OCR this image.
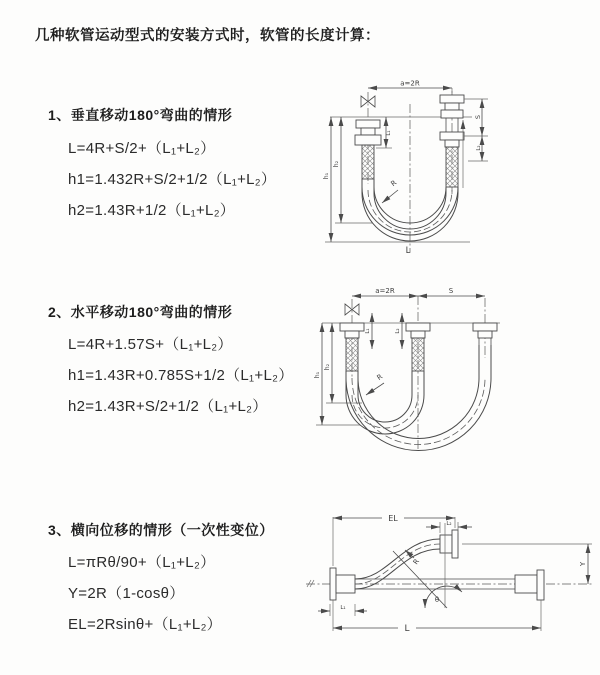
几种软管运动型式的安装方式时，软管的长度计算：
1、垂直移动180°弯曲的情形
L=4R+S/2+（L₁+L₂）
h1=1.432R+S/2+1/2（L₁+L₂）
h2=1.43R+1/2（L₁+L₂）
a=2R
L₁
S
L₂
h₁
h₂
R
L
2、水平移动180°弯曲的情形
L=4R+1.57S+（L₁+L₂）
h1=1.43R+0.785S+1/2（L₁+L₂）
h2=1.43R+S/2+1/2（L₁+L₂）
a=2R	S
L₁	L₂
h₁
h₂
R
3、横向位移的情形（一次性变位）
L=πRθ/90+（L₁+L₂）
Y=2R（1-cosθ）
EL=2Rsinθ+（L₁+L₂）
EL
L₂
Y
θ
R
L
L₁
